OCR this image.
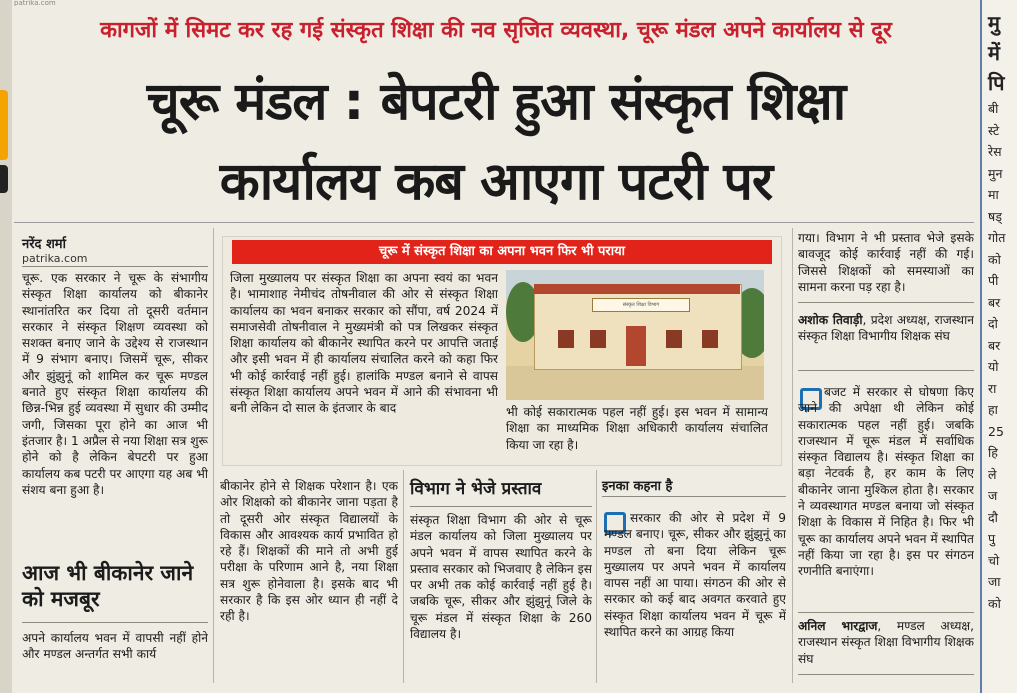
patrika.com
कागजों में सिमट कर रह गई संस्कृत शिक्षा की नव सृजित व्यवस्था, चूरू मंडल अपने कार्यालय से दूर
चूरू मंडल : बेपटरी हुआ संस्कृत शिक्षा
कार्यालय कब आएगा पटरी पर
नरेंद शर्मा
patrika.com
चूरू. एक सरकार ने चूरू के संभागीय संस्कृत शिक्षा कार्यालय को बीकानेर स्थानांतरित कर दिया तो दूसरी वर्तमान सरकार ने संस्कृत शिक्षण व्यवस्था को सशक्त बनाए जाने के उद्देश्य से राजस्थान में 9 संभाग बनाए। जिसमें चूरू, सीकर और झुंझुनूं को शामिल कर चूरू मण्डल बनाते हुए संस्कृत शिक्षा कार्यालय की छिन्न-भिन्न हुई व्यवस्था में सुधार की उम्मीद जगी, जिसका पूरा होने का आज भी इंतजार है। 1 अप्रैल से नया शिक्षा सत्र शुरू होने को है लेकिन बेपटरी पर हुआ कार्यालय कब पटरी पर आएगा यह अब भी संशय बना हुआ है।
आज भी बीकानेर जाने को मजबूर
अपने कार्यालय भवन में वापसी नहीं होने और मण्डल अन्तर्गत सभी कार्य
चूरू में संस्कृत शिक्षा का अपना भवन फिर भी पराया
जिला मुख्यालय पर संस्कृत शिक्षा का अपना स्वयं का भवन है। भामाशाह नेमीचंद तोषनीवाल की ओर से संस्कृत शिक्षा कार्यालय का भवन बनाकर सरकार को सौंपा, वर्ष 2024 में समाजसेवी तोषनीवाल ने मुख्यमंत्री को पत्र लिखकर संस्कृत शिक्षा कार्यालय को बीकानेर स्थापित करने पर आपत्ति जताई और इसी भवन में ही कार्यालय संचालित करने को कहा फिर भी कोई कार्रवाई नहीं हुई। हालांकि मण्डल बनाने से वापस संस्कृत शिक्षा कार्यालय अपने भवन में आने की संभावना भी बनी लेकिन दो साल के इंतजार के बाद
संस्कृत शिक्षा विभाग
भी कोई सकारात्मक पहल नहीं हुई। इस भवन में सामान्य शिक्षा का माध्यमिक शिक्षा अधिकारी कार्यालय संचालित किया जा रहा है।
बीकानेर होने से शिक्षक परेशान है। एक ओर शिक्षको को बीकानेर जाना पड़ता है तो दूसरी ओर संस्कृत विद्यालयों के विकास और आवश्यक कार्य प्रभावित हो रहे हैं। शिक्षकों की माने तो अभी हुई परीक्षा के परिणाम आने है, नया शिक्षा सत्र शुरू होनेवाला है। इसके बाद भी सरकार है कि इस ओर ध्यान ही नहीं दे रही है।
विभाग ने भेजे प्रस्ताव
संस्कृत शिक्षा विभाग की ओर से चूरू मंडल कार्यालय को जिला मुख्यालय पर अपने भवन में वापस स्थापित करने के प्रस्ताव सरकार को भिजवाए है लेकिन इस पर अभी तक कोई कार्रवाई नहीं हुई है। जबकि चूरू, सीकर और झुंझुनूं जिले के चूरू मंडल में संस्कृत शिक्षा के 260 विद्यालय है।
इनका कहना है
सरकार की ओर से प्रदेश में 9 मण्डल बनाए। चूरू, सीकर और झुंझुनूं का मण्डल तो बना दिया लेकिन चूरू मुख्यालय पर अपने भवन में कार्यालय वापस नहीं आ पाया। संगठन की ओर से सरकार को कई बाद अवगत करवाते हुए संस्कृत शिक्षा कार्यालय भवन में चूरू में स्थापित करने का आग्रह किया
गया। विभाग ने भी प्रस्ताव भेजे इसके बावजूद कोई कार्रवाई नहीं की गई। जिससे शिक्षकों को समस्याओं का सामना करना पड़ रहा है।
अशोक तिवाड़ी, प्रदेश अध्यक्ष, राजस्थान संस्कृत शिक्षा विभागीय शिक्षक संघ
बजट में सरकार से घोषणा किए जाने की अपेक्षा थी लेकिन कोई सकारात्मक पहल नहीं हुई। जबकि राजस्थान में चूरू मंडल में सर्वाधिक संस्कृत विद्यालय है। संस्कृत शिक्षा का बड़ा नेटवर्क है, हर काम के लिए बीकानेर जाना मुश्किल होता है। सरकार ने व्यवस्थागत मण्डल बनाया जो संस्कृत शिक्षा के विकास में निहित है। फिर भी चूरू का कार्यालय अपने भवन में स्थापित नहीं किया जा रहा है। इस पर संगठन रणनीति बनाएंगा।
अनिल भारद्वाज, मण्डल अध्यक्ष, राजस्थान संस्कृत शिक्षा विभागीय शिक्षक संघ
मु
में
पि
बी
स्टे
रेस
मुन
मा
षड्
गोत
को
पी
बर
दो
बर
यो
रा
हा
25
हि
ले
ज
दौ
पु
चो
जा
को
